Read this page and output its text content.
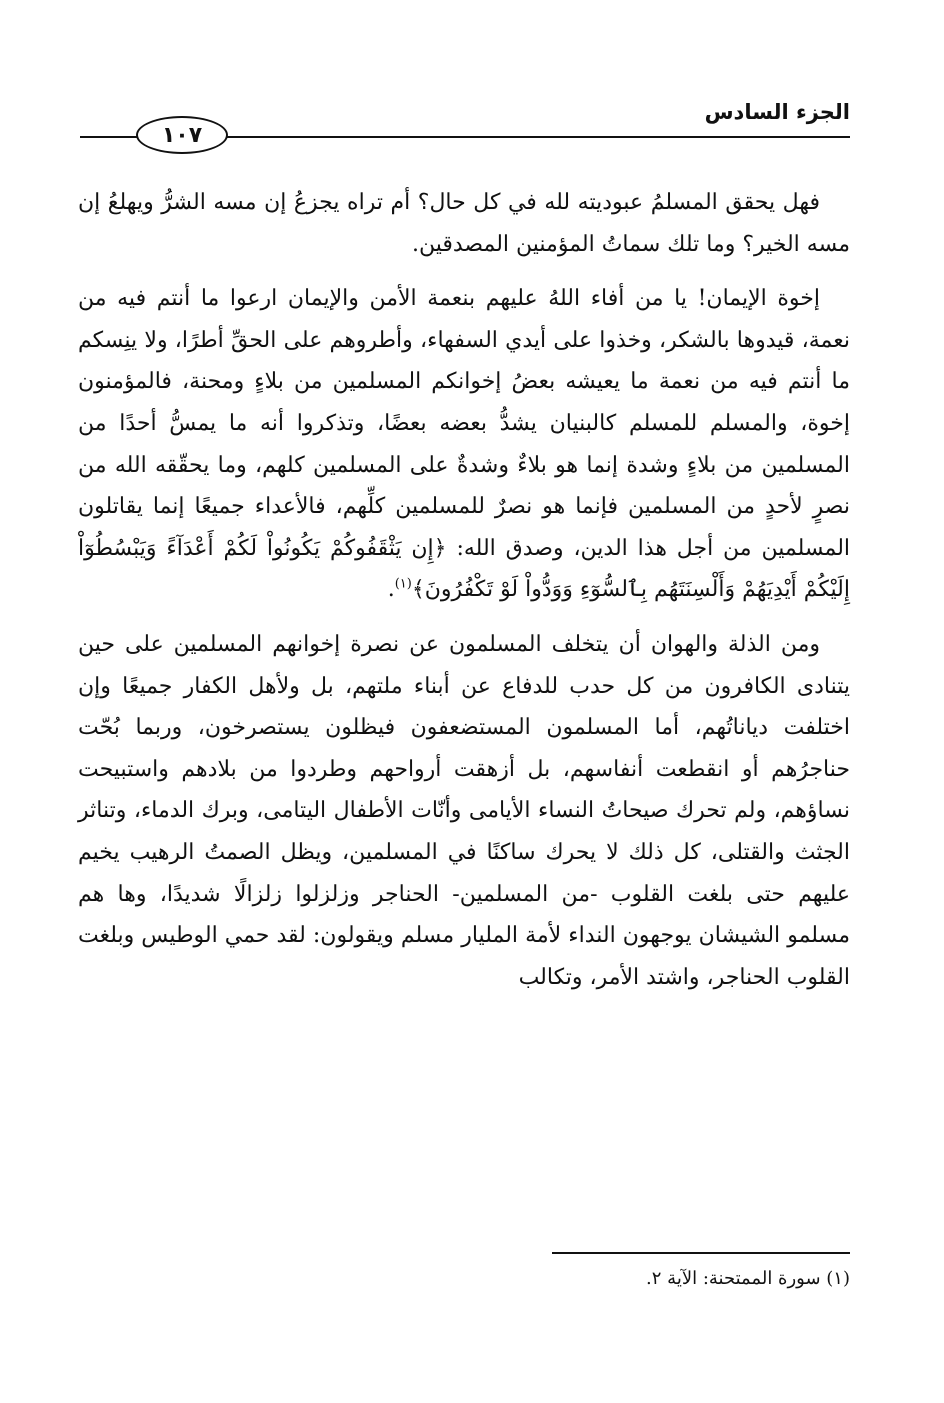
الجزء السادس
١٠٧

فهل يحقق المسلمُ عبوديته لله في كل حال؟ أم تراه يجزعُ إن مسه الشرُّ ويهلعُ إن مسه الخير؟ وما تلك سماتُ المؤمنين المصدقين.

إخوة الإيمان! يا من أفاء اللهُ عليهم بنعمة الأمن والإيمان ارعوا ما أنتم فيه من نعمة، قيدوها بالشكر، وخذوا على أيدي السفهاء، وأطروهم على الحقِّ أطرًا، ولا ينِسكم ما أنتم فيه من نعمة ما يعيشه بعضُ إخوانكم المسلمين من بلاءٍ ومحنة، فالمؤمنون إخوة، والمسلم للمسلم كالبنيان يشدُّ بعضه بعضًا، وتذكروا أنه ما يمسُّ أحدًا من المسلمين من بلاءٍ وشدة إنما هو بلاءٌ وشدةٌ على المسلمين كلهم، وما يحقّقه الله من نصرٍ لأحدٍ من المسلمين فإنما هو نصرٌ للمسلمين كلِّهم، فالأعداء جميعًا إنما يقاتلون المسلمين من أجل هذا الدين، وصدق الله: ﴿إِن يَثْقَفُوكُمْ يَكُونُواْ لَكُمْ أَعْدَآءً وَيَبْسُطُوٓاْ إِلَيْكُمْ أَيْدِيَهُمْ وَأَلْسِنَتَهُم بِٱلسُّوٓءِ وَوَدُّواْ لَوْ تَكْفُرُونَ﴾$^{(١)}$.

ومن الذلة والهوان أن يتخلف المسلمون عن نصرة إخوانهم المسلمين على حين يتنادى الكافرون من كل حدب للدفاع عن أبناء ملتهم، بل ولأهل الكفار جميعًا وإن اختلفت دياناتُهم، أما المسلمون المستضعفون فيظلون يستصرخون، وربما بُحّت حناجرُهم أو انقطعت أنفاسهم، بل أزهقت أرواحهم وطردوا من بلادهم واستبيحت نساؤهم، ولم تحرك صيحاتُ النساء الأيامى وأنّات الأطفال اليتامى، وبرك الدماء، وتناثر الجثث والقتلى، كل ذلك لا يحرك ساكنًا في المسلمين، ويظل الصمتُ الرهيب يخيم عليهم حتى بلغت القلوب -من المسلمين- الحناجر وزلزلوا زلزالًا شديدًا، وها هم مسلمو الشيشان يوجهون النداء لأمة المليار مسلم ويقولون: لقد حمي الوطيس وبلغت القلوب الحناجر، واشتد الأمر، وتكالب

(١) سورة الممتحنة: الآية ٢.
